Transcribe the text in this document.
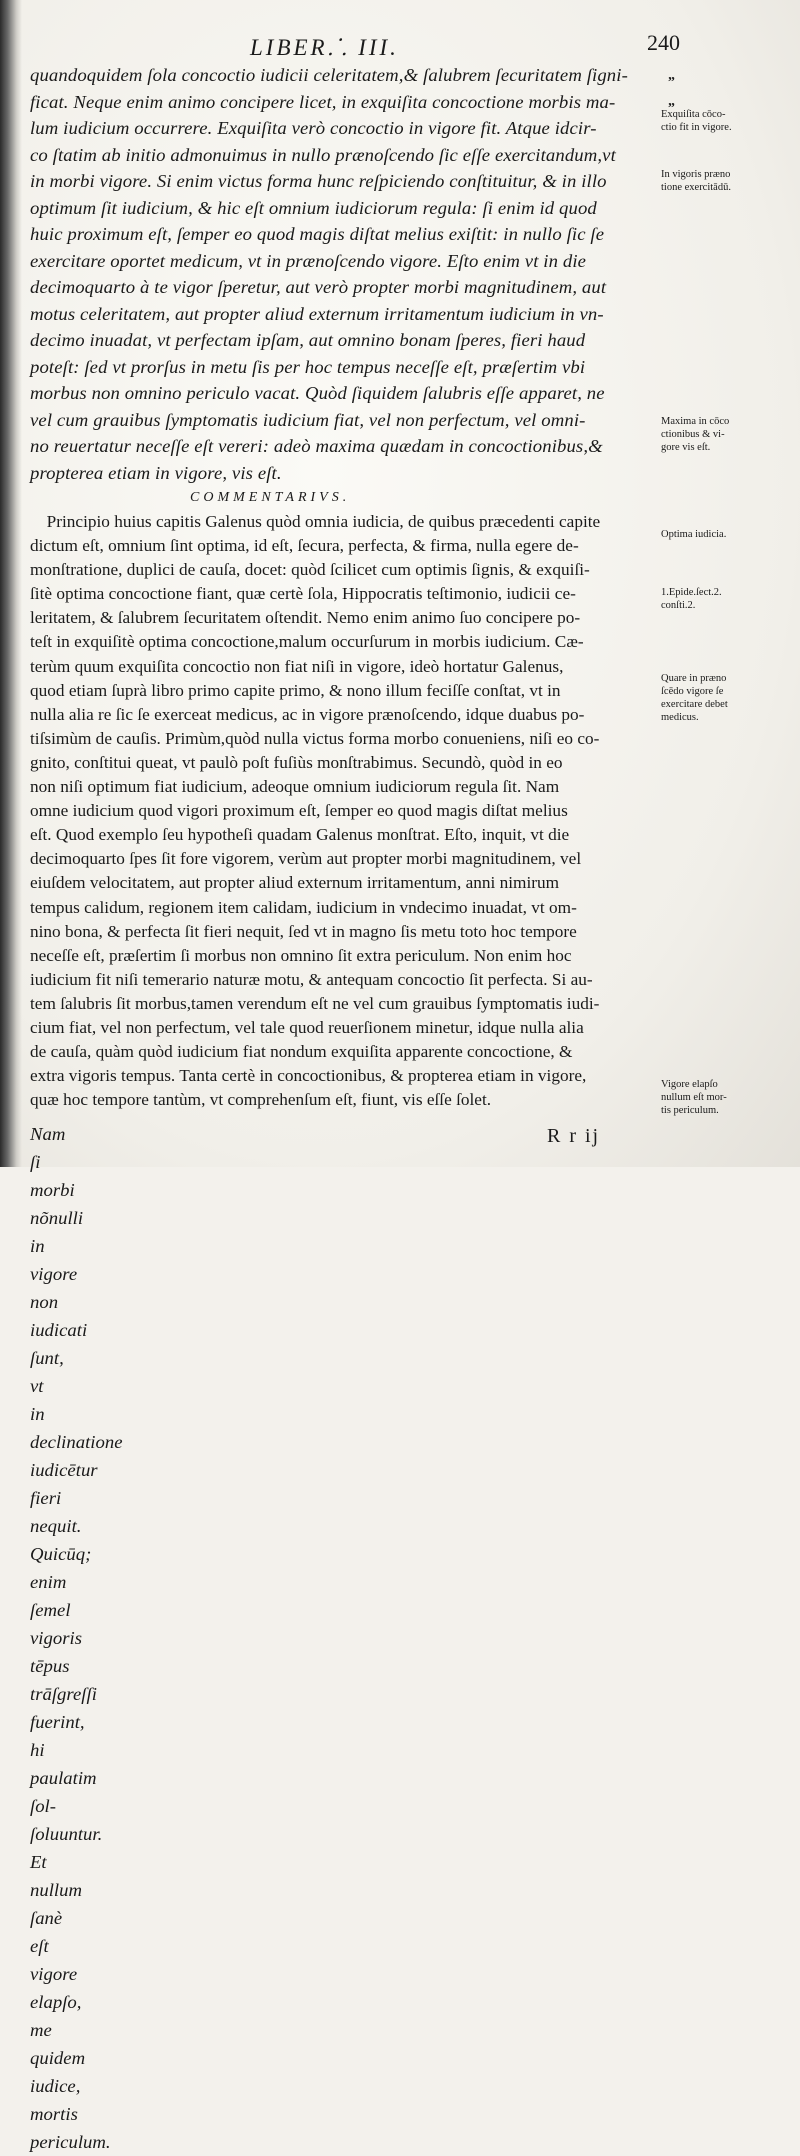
LIBER⸫ III.	240
quandoquidem ſola concoctio iudicii celeritatem,& ſalubrem ſecuritatem ſigni-
ficat. Neque enim animo concipere licet, in exquiſita concoctione morbis ma-
lum iudicium occurrere. Exquiſita verò concoctio in vigore fit. Atque idcir-
co ſtatim ab initio admonuimus in nullo prænoſcendo ſic eſſe exercitandum,vt
in morbi vigore. Si enim victus forma hunc reſpiciendo conſtituitur, & in illo
optimum ſit iudicium, & hic eſt omnium iudiciorum regula: ſi enim id quod
huic proximum eſt, ſemper eo quod magis diſtat melius exiſtit: in nullo ſic ſe
exercitare oportet medicum, vt in prænoſcendo vigore. Eſto enim vt in die
decimoquarto à te vigor ſperetur, aut verò propter morbi magnitudinem, aut
motus celeritatem, aut propter aliud externum irritamentum iudicium in vn-
decimo inuadat, vt perfectam ipſam, aut omnino bonam ſperes, fieri haud
poteſt: ſed vt prorſus in metu ſis per hoc tempus neceſſe eſt, præſertim vbi
morbus non omnino periculo vacat. Quòd ſiquidem ſalubris eſſe apparet, ne
vel cum grauibus ſymptomatis iudicium fiat, vel non perfectum, vel omni-
no reuertatur neceſſe eſt vereri: adeò maxima quædam in concoctionibus,&
propterea etiam in vigore, vis eſt.
COMMENTARIVS.
Principio huius capitis Galenus quòd omnia iudicia, de quibus præcedenti capite
dictum eſt, omnium ſint optima, id eſt, ſecura, perfecta, & firma, nulla egere de-
monſtratione, duplici de cauſa, docet: quòd ſcilicet cum optimis ſignis, & exquiſi-
ſitè optima concoctione fiant, quæ certè ſola, Hippocratis teſtimonio, iudicii ce-
leritatem, & ſalubrem ſecuritatem oſtendit. Nemo enim animo ſuo concipere po-
teſt in exquiſitè optima concoctione,malum occurſurum in morbis iudicium. Cæ-
terùm quum exquiſita concoctio non fiat niſi in vigore, ideò hortatur Galenus,
quod etiam ſuprà libro primo capite primo, & nono illum feciſſe conſtat, vt in
nulla alia re ſic ſe exerceat medicus, ac in vigore prænoſcendo, idque duabus po-
tiſsimùm de cauſis. Primùm,quòd nulla victus forma morbo conueniens, niſi eo co-
gnito, conſtitui queat, vt paulò poſt fuſiùs monſtrabimus. Secundò, quòd in eo
non niſi optimum fiat iudicium, adeoque omnium iudiciorum regula ſit. Nam
omne iudicium quod vigori proximum eſt, ſemper eo quod magis diſtat melius
eſt. Quod exemplo ſeu hypotheſi quadam Galenus monſtrat. Eſto, inquit, vt die
decimoquarto ſpes ſit fore vigorem, verùm aut propter morbi magnitudinem, vel
eiuſdem velocitatem, aut propter aliud externum irritamentum, anni nimirum
tempus calidum, regionem item calidam, iudicium in vndecimo inuadat, vt om-
nino bona, & perfecta ſit fieri nequit, ſed vt in magno ſis metu toto hoc tempore
neceſſe eſt, præſertim ſi morbus non omnino ſit extra periculum. Non enim hoc
iudicium fit niſi temerario naturæ motu, & antequam concoctio ſit perfecta. Si au-
tem ſalubris ſit morbus,tamen verendum eſt ne vel cum grauibus ſymptomatis iudi-
cium fiat, vel non perfectum, vel tale quod reuerſionem minetur, idque nulla alia
de cauſa, quàm quòd iudicium fiat nondum exquiſita apparente concoctione, &
extra vigoris tempus. Tanta certè in concoctionibus, & propterea etiam in vigore,
quæ hoc tempore tantùm, vt comprehenſum eſt, fiunt, vis eſſe ſolet.
Nam ſi morbi nõnulli in vigore non iudicati ſunt, vt in declinatione iudicētur
fieri nequit. Quicūq; enim ſemel vigoris tēpus trāſgreſſi fuerint, hi paulatim ſol-
ſoluuntur. Et nullum ſanè eſt vigore elapſo, me quidem iudice, mortis periculum.
R r ij
„
„
Exquiſita cōco-
ctio fit in vigore.
In vigoris præno
tione exercitādū.
Maxima in cōco
ctionibus & vi-
gore vis eſt.
Optima iudicia.
1.Epide.ſect.2.
conſti.2.
Quare in præno
ſcēdo vigore ſe
exercitare debet
medicus.
Vigore elapſo
nullum eſt mor-
tis periculum.
